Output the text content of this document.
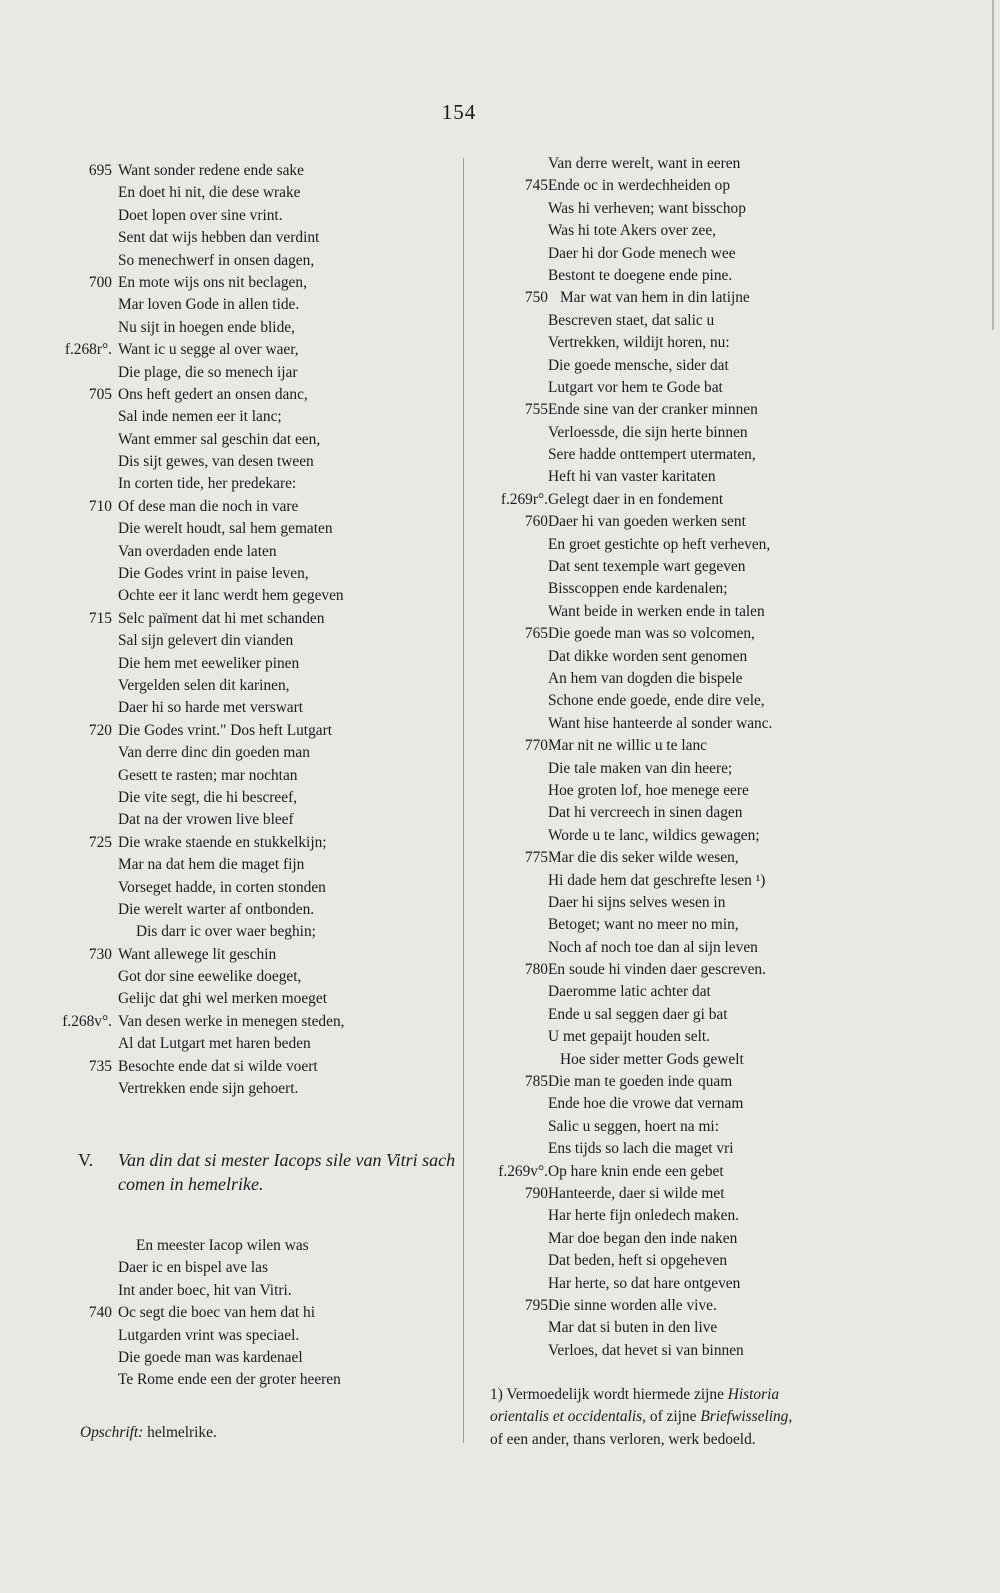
154
695 Want sonder redene ende sake
En doet hi nit, die dese wrake
Doet lopen over sine vrint.
Sent dat wijs hebben dan verdint
So menechwerf in onsen dagen,
700 En mote wijs ons nit beclagen,
Mar loven Gode in allen tide.
Nu sijt in hoegen ende blide,
f.268r°. Want ic u segge al over waer,
Die plage, die so menech ijar
705 Ons heft gedert an onsen danc,
Sal inde nemen eer it lanc;
Want emmer sal geschin dat een,
Dis sijt gewes, van desen tween
In corten tide, her predekare:
710 Of dese man die noch in vare
Die werelt houdt, sal hem gematen
Van overdaden ende laten
Die Godes vrint in paise leven,
Ochte eer it lanc werdt hem gegeven
715 Selc païment dat hi met schanden
Sal sijn gelevert din vianden
Die hem met eeweliker pinen
Vergelden selen dit karinen,
Daer hi so harde met verswart
720 Die Godes vrint." Dos heft Lutgart
Van derre dinc din goeden man
Gesett te rasten; mar nochtan
Die vite segt, die hi bescreef,
Dat na der vrowen live bleef
725 Die wrake staende en stukkelkijn;
Mar na dat hem die maget fijn
Vorseget hadde, in corten stonden
Die werelt warter af ontbonden.
Dis darr ic over waer beghin;
730 Want allewege lit geschin
Got dor sine eewelike doeget,
Gelijc dat ghi wel merken moeget
f.268v°. Van desen werke in menegen steden,
Al dat Lutgart met haren beden
735 Besochte ende dat si wilde voert
Vertrekken ende sijn gehoert.
V. Van din dat si mester Iacops sile van Vitri sach comen in hemelrike.
En meester Iacop wilen was
Daer ic en bispel ave las
Int ander boec, hit van Vitri.
740 Oc segt die boec van hem dat hi
Lutgarden vrint was speciael.
Die goede man was kardenael
Te Rome ende een der groter heeren
Opschrift: helmelrike.
Van derre werelt, want in eeren
745 Ende oc in werdechheiden op
Was hi verheven; want bisschop
Was hi tote Akers over zee,
Daer hi dor Gode menech wee
Bestont te doegene ende pine.
750 Mar wat van hem in din latijne
Bescreven staet, dat salic u
Vertrekken, wildijt horen, nu:
Die goede mensche, sider dat
Lutgart vor hem te Gode bat
755 Ende sine van der cranker minnen
Verloessde, die sijn herte binnen
Sere hadde onttempert utermaten,
Heft hi van vaster karitaten
f.269r°. Gelegt daer in en fondement
760 Daer hi van goeden werken sent
En groet gestichte op heft verheven,
Dat sent texemple wart gegeven
Bisscoppen ende kardenalen;
Want beide in werken ende in talen
765 Die goede man was so volcomen,
Dat dikke worden sent genomen
An hem van dogden die bispele
Schone ende goede, ende dire vele,
Want hise hanteerde al sonder wanc.
770 Mar nit ne willic u te lanc
Die tale maken van din heere;
Hoe groten lof, hoe menege eere
Dat hi vercreech in sinen dagen
Worde u te lanc, wildics gewagen;
775 Mar die dis seker wilde wesen,
Hi dade hem dat geschrefte lesen ¹)
Daer hi sijns selves wesen in
Betoget; want no meer no min,
Noch af noch toe dan al sijn leven
780 En soude hi vinden daer gescreven.
Daeromme latic achter dat
Ende u sal seggen daer gi bat
U met gepaijt houden selt.
Hoe sider metter Gods gewelt
785 Die man te goeden inde quam
Ende hoe die vrowe dat vernam
Salic u seggen, hoert na mi:
Ens tijds so lach die maget vri
f.269v°. Op hare knin ende een gebet
790 Hanteerde, daer si wilde met
Har herte fijn onledech maken.
Mar doe began den inde naken
Dat beden, heft si opgeheven
Har herte, so dat hare ontgeven
795 Die sinne worden alle vive.
Mar dat si buten in den live
Verloes, dat hevet si van binnen
1) Vermoedelijk wordt hiermede zijne Historia
orientalis et occidentalis, of zijne Briefwisseling,
of een ander, thans verloren, werk bedoeld.
